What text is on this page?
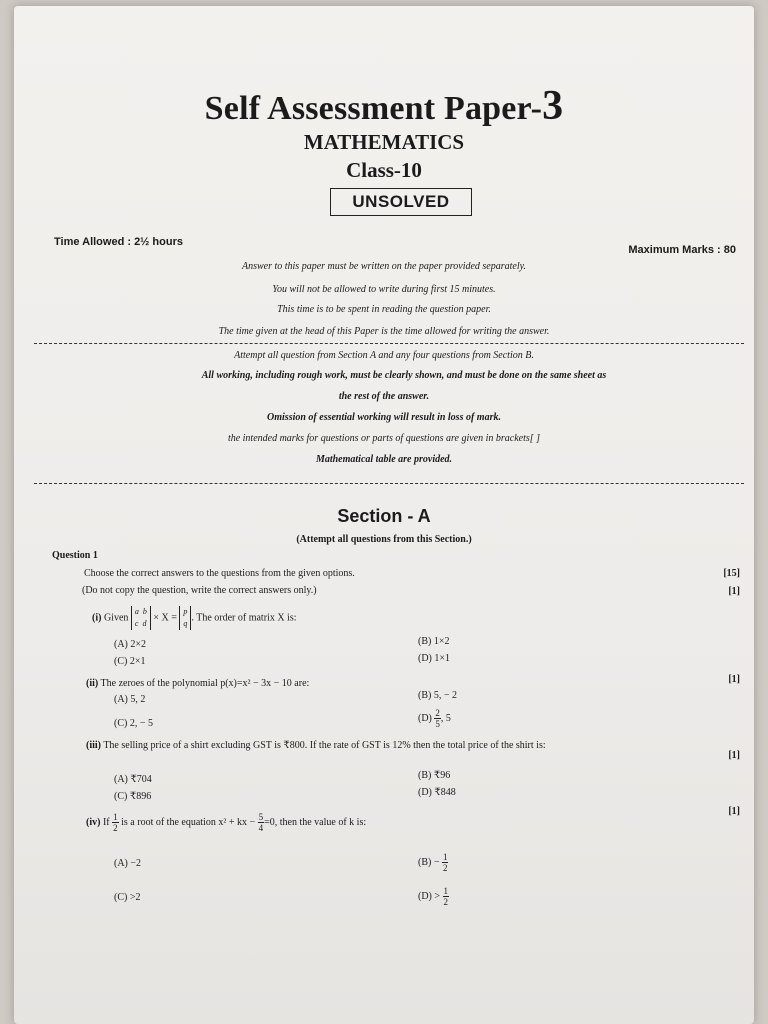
Self Assessment Paper-3
MATHEMATICS
Class-10
UNSOLVED
Time Allowed : 2½ hours
Maximum Marks : 80
Answer to this paper must be written on the paper provided separately.
You will not be allowed to write during first 15 minutes.
This time is to be spent in reading the question paper.
The time given at the head of this Paper is the time allowed for writing the answer.
Attempt all question from Section A and any four questions from Section B.
All working, including rough work, must be clearly shown, and must be done on the same sheet as
the rest of the answer.
Omission of essential working will result in loss of mark.
the intended marks for questions or parts of questions are given in brackets[ ]
Mathematical table are provided.
Section - A
(Attempt all questions from this Section.)
Question 1
Choose the correct answers to the questions from the given options.	[15]
(Do not copy the question, write the correct answers only.)	[1]
(i) Given a b
c d × X = p
q. The order of matrix X is:
(A) 2×2	(B) 1×2
(C) 2×1	(D) 1×1
(ii) The zeroes of the polynomial p(x)=x² − 3x − 10 are:	[1]
(A) 5, 2	(B) 5, − 2
(C) 2, − 5	$(D) \frac{2}{5}$ , 5
(iii) The selling price of a shirt excluding GST is ₹800. If the rate of GST is 12% then the total price of the shirt is:
[1]
(A) ₹704	(B) ₹96
(C) ₹896	(D) ₹848
(iv) If $\frac{1}{2}$ is a root of the equation x² + kx − $\frac{5}{4} =0$, then the value of k is:
[1]
(A) −2	$(B) - \frac{1}{2}$
(C) >2	$(D) > \frac{1}{2}$
